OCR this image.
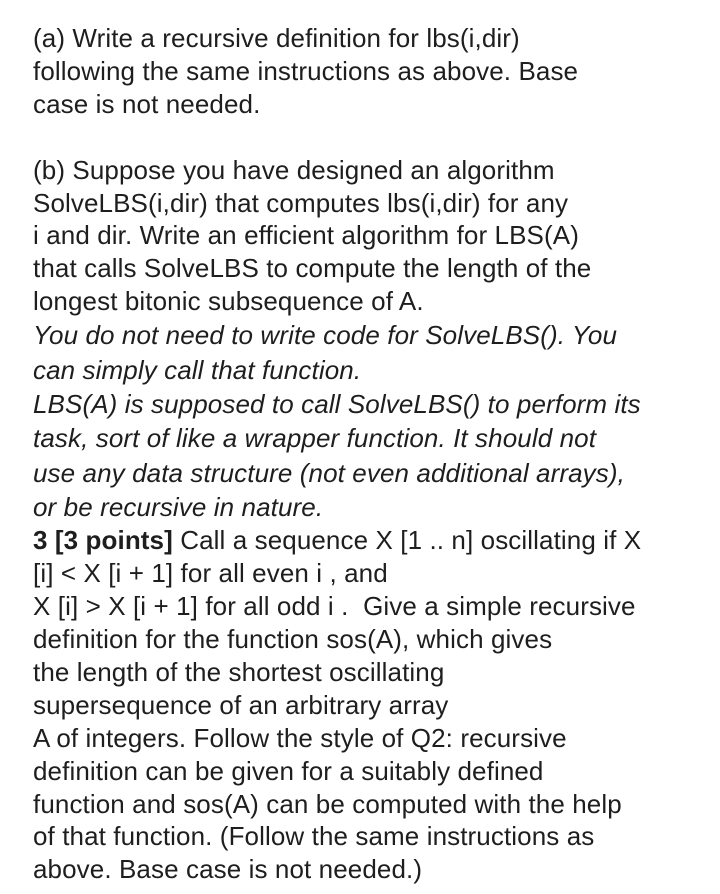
(a) Write a recursive definition for lbs(i,dir)
following the same instructions as above. Base
case is not needed.
(b) Suppose you have designed an algorithm
SolveLBS(i,dir) that computes lbs(i,dir) for any
i and dir. Write an efficient algorithm for LBS(A)
that calls SolveLBS to compute the length of the
longest bitonic subsequence of A.
You do not need to write code for SolveLBS(). You
can simply call that function.
LBS(A) is supposed to call SolveLBS() to perform its
task, sort of like a wrapper function. It should not
use any data structure (not even additional arrays),
or be recursive in nature.
3 [3 points] Call a sequence X [1 .. n] oscillating if X
[i] < X [i + 1] for all even i , and
X [i] > X [i + 1] for all odd i .  Give a simple recursive
definition for the function sos(A), which gives
the length of the shortest oscillating
supersequence of an arbitrary array
A of integers. Follow the style of Q2: recursive
definition can be given for a suitably defined
function and sos(A) can be computed with the help
of that function. (Follow the same instructions as
above. Base case is not needed.)
